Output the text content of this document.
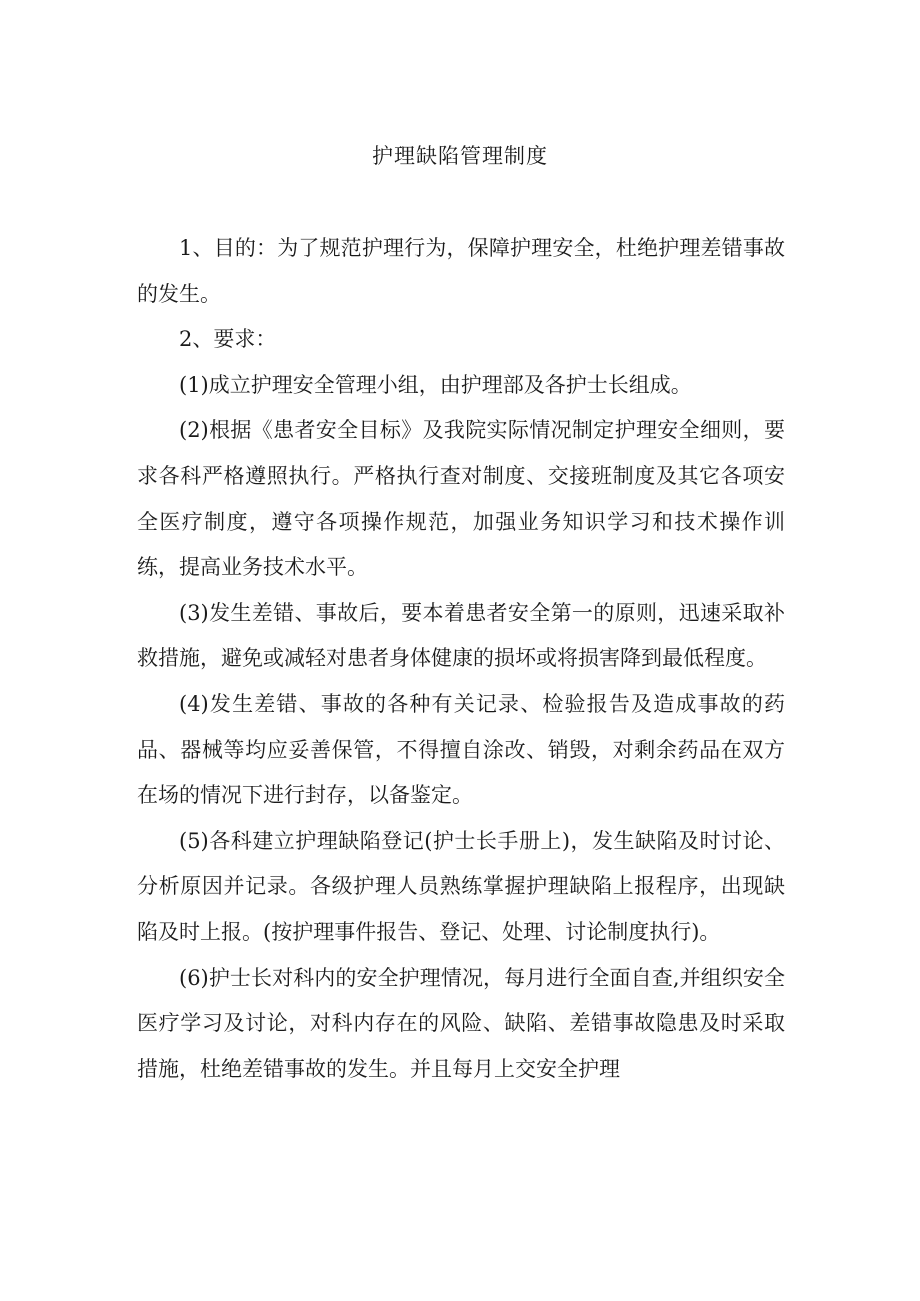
护理缺陷管理制度

1、目的：为了规范护理行为，保障护理安全，杜绝护理差错事故的发生。

2、要求：

(1)成立护理安全管理小组，由护理部及各护士长组成。

(2)根据《患者安全目标》及我院实际情况制定护理安全细则，要求各科严格遵照执行。严格执行查对制度、交接班制度及其它各项安全医疗制度，遵守各项操作规范，加强业务知识学习和技术操作训练，提高业务技术水平。

(3)发生差错、事故后，要本着患者安全第一的原则，迅速采取补救措施，避免或减轻对患者身体健康的损坏或将损害降到最低程度。

(4)发生差错、事故的各种有关记录、检验报告及造成事故的药品、器械等均应妥善保管，不得擅自涂改、销毁，对剩余药品在双方在场的情况下进行封存，以备鉴定。

(5)各科建立护理缺陷登记(护士长手册上)，发生缺陷及时讨论、分析原因并记录。各级护理人员熟练掌握护理缺陷上报程序，出现缺陷及时上报。(按护理事件报告、登记、处理、讨论制度执行)。

(6)护士长对科内的安全护理情况，每月进行全面自查,并组织安全医疗学习及讨论，对科内存在的风险、缺陷、差错事故隐患及时采取措施，杜绝差错事故的发生。并且每月上交安全护理
